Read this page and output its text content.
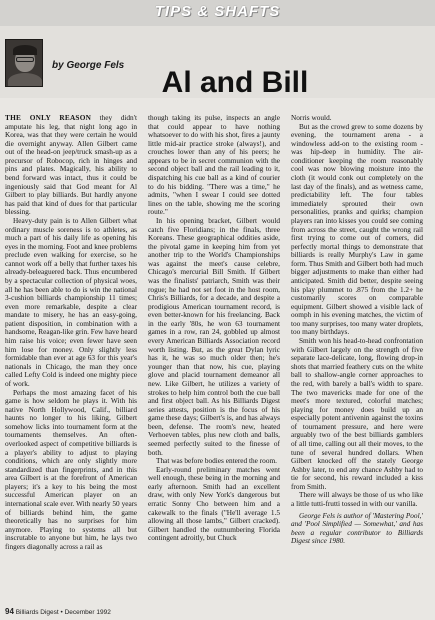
TIPS & SHAFTS
by George Fels
Al and Bill

THE ONLY REASON they didn't amputate his leg, that night long ago in Korea, was that they were certain he would die overnight anyway. Allen Gilbert came out of the head-on jeep/truck smash-up as a precursor of Robocop, rich in hinges and pins and plates. Magically, his ability to bend forward was intact, thus it could be ingeniously said that God meant for Al Gilbert to play billiards. But hardly anyone has paid that kind of dues for that particular blessing.

Heavy-duty pain is to Allen Gilbert what ordinary muscle soreness is to athletes, as much a part of his daily life as opening his eyes in the morning. Foot and knee problems preclude even walking for exercise, so he cannot work off a belly that further taxes his already-beleaguered back. Thus encumbered by a spectacular collection of physical woes, all he has been able to do is win the national 3-cushion billiards championship 11 times; even more remarkable, despite a clear mandate to misery, he has an easy-going, patient disposition, in combination with a handsome, Reagan-like grin. Few have heard him raise his voice; even fewer have seen him lose for money. Only slightly less formidable than ever at age 63 for this year's nationals in Chicago, the man they once called Lefty Cold is indeed one mighty piece of work.

Perhaps the most amazing facet of his game is how seldom he plays it. With his native North Hollywood, Calif., billiard haunts no longer to his liking, Gilbert somehow licks into tournament form at the tournaments themselves. An often-overlooked aspect of competitive billiards is a player's ability to adjust to playing conditions, which are only slightly more standardized than fingerprints, and in this area Gilbert is at the forefront of American players; it's a key to his being the most successful American player on an international scale ever. With nearly 50 years of billiards behind him, the game theoretically has no surprises for him anymore. Playing to systems all but inscrutable to anyone but him, he lays two fingers diagonally across a rail as

though taking its pulse, inspects an angle that could appear to have nothing whatsoever to do with his shot, fires a jaunty little mid-air practice stroke (always!), and crouches lower than any of his peers; he appears to be in secret communion with the second object ball and the rail leading to it, dispatching his cue ball as a kind of courier to do his bidding. "There was a time," he admits, "when I swear I could see dotted lines on the table, showing me the scoring route."

In his opening bracket, Gilbert would catch five Floridians; in the finals, three Koreans. These geographical oddities aside, the pivotal game in keeping him from yet another trip to the World's Championships was against the meet's cause celebre, Chicago's mercurial Bill Smith. If Gilbert was the finalists' patriarch, Smith was their rogue; he had not set foot in the host room, Chris's Billiards, for a decade, and despite a prodigious American tournament record, is even better-known for his freelancing. Back in the early '80s, he won 63 tournament games in a row, ran 24, gobbled up almost every American Billiards Association record worth listing. But, as the great Dylan lyric has it, he was so much older then; he's younger than that now, his cue, playing glove and placid tournament demeanor all new. Like Gilbert, he utilizes a variety of strokes to help him control both the cue ball and first object ball. As his Billiards Digest series attests, position is the focus of his game these days; Gilbert's is, and has always been, defense. The room's new, heated Verhoeven tables, plus new cloth and balls, seemed perfectly suited to the finesse of both.

That was before bodies entered the room.

Early-round preliminary matches went well enough, these being in the morning and early afternoon. Smith had an excellent draw, with only New York's dangerous but erratic Sonny Cho between him and a cakewalk to the finals ("He'll average 1.5 allowing all those lambs," Gilbert cracked). Gilbert handled the outnumbering Florida contingent adroitly, but Chuck

Norris would.

But as the crowd grew to some dozens by evening, the tournament arena - a windowless add-on to the existing room - was hip-deep in humidity. The air-conditioner keeping the room reasonably cool was now blowing moisture into the cloth (it would conk out completely on the last day of the finals), and as wetness came, predictability left. The four tables immediately sprouted their own personalities, pranks and quirks; champion players ran into kisses you could see coming from across the street, caught the wrong rail first trying to come out of corners, did perfectly mortal things to demonstrate that billiards is really Murphy's Law in game form. Thus Smith and Gilbert both had much bigger adjustments to make than either had anticipated. Smith did better, despite seeing his play plummet to .875 from the 1.2+ he customarily scores on comparable equipment. Gilbert showed a visible lack of oomph in his evening matches, the victim of too many surprises, too many water droplets, too many birthdays.

Smith won his head-to-head confrontation with Gilbert largely on the strength of five separate lace-delicate, long, flowing drop-in shots that married feathery cuts on the white ball to shallow-angle corner approaches to the red, with barely a ball's width to spare. The two mavericks made for one of the meet's more textured, colorful matches; playing for money does build up an especially potent antivenin against the toxins of tournament pressure, and here were arguably two of the best billiards gamblers of all time, calling out all their moves, to the tune of several hundred dollars. When Gilbert knocked off the stately George Ashby later, to end any chance Ashby had to tie for second, his reward included a kiss from Smith.

There will always be those of us who like a little tutti-frutti tossed in with our vanilla.

George Fels is author of 'Mastering Pool,' and 'Pool Simplified — Somewhat,' and has been a regular contributor to Billiards Digest since 1980.

94 Billiards Digest • December 1992
